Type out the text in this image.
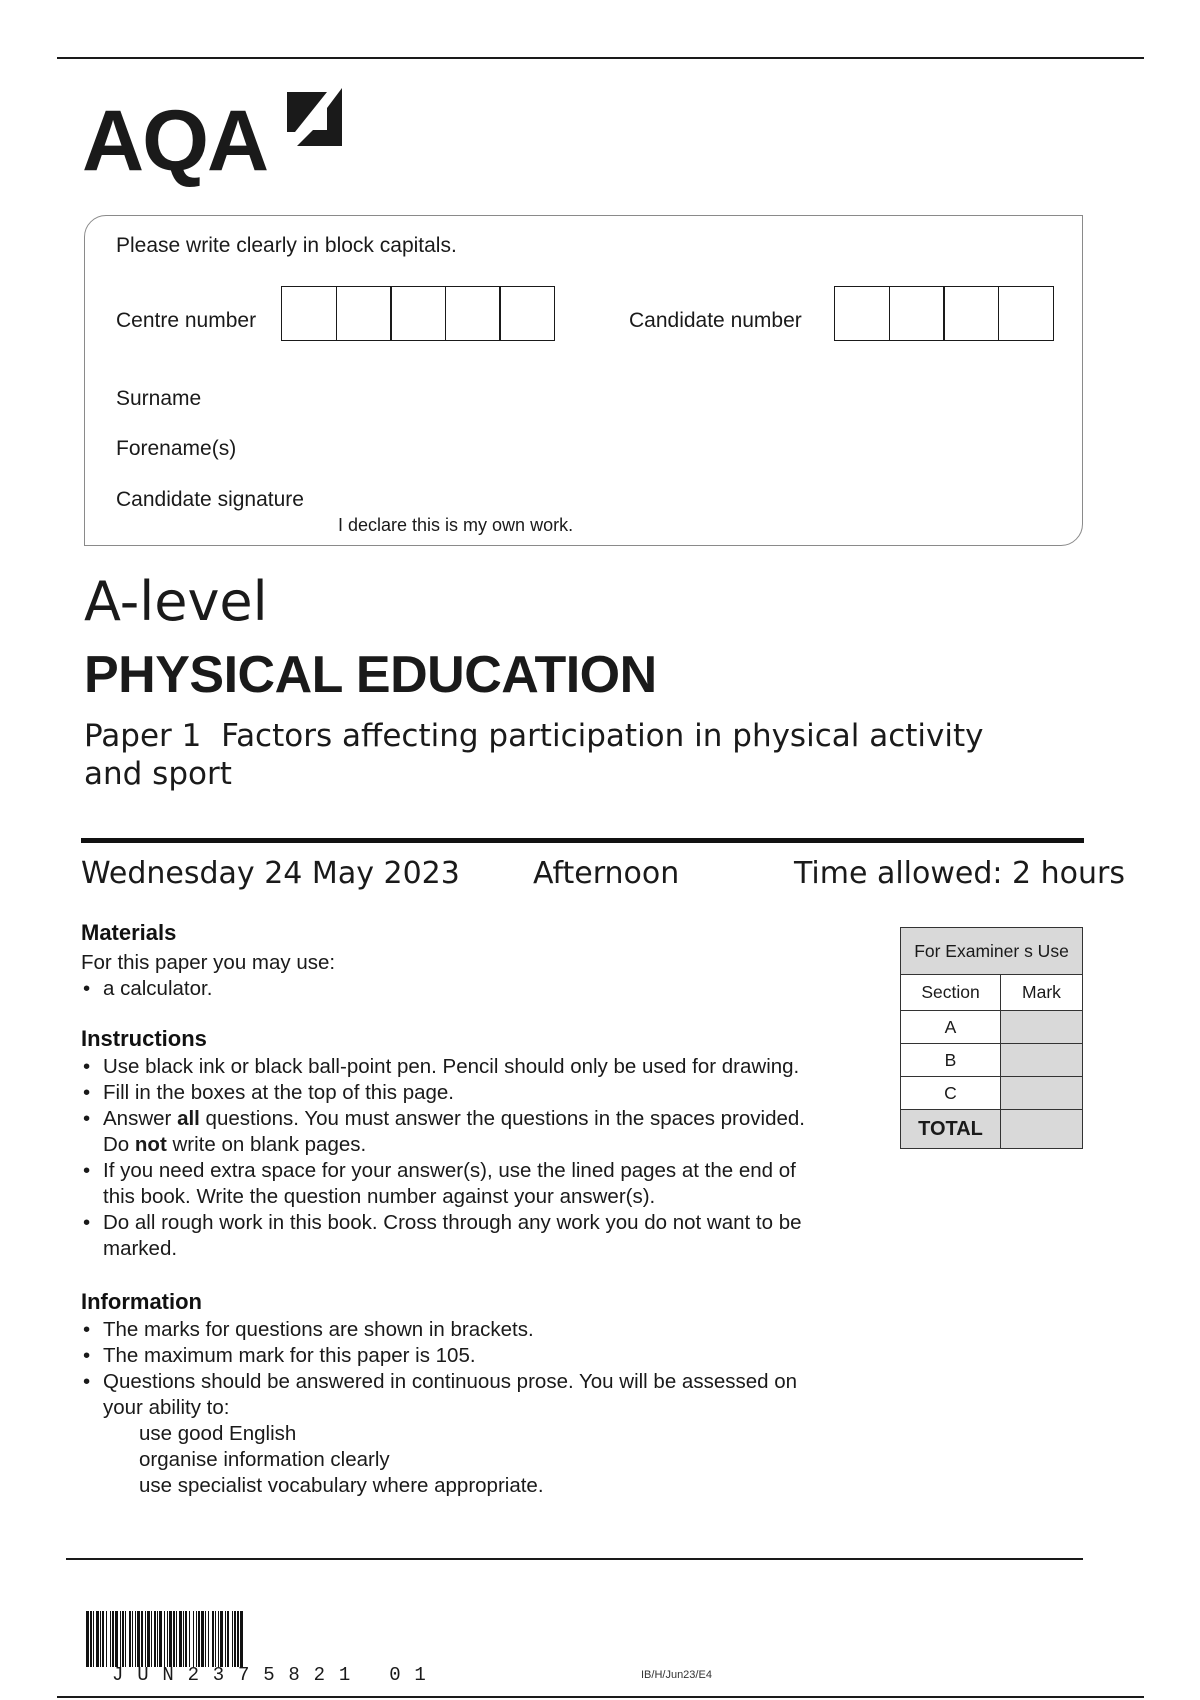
AQA
Please write clearly in block capitals.
Centre number	Candidate number
Surname
Forename(s)
Candidate signature
I declare this is my own work.
A-level
PHYSICAL EDUCATION
Paper 1  Factors affecting participation in physical activity
and sport
Wednesday 24 May 2023 Afternoon	Time allowed: 2 hours
Materials
For this paper you may use:
• a calculator.
Instructions
• Use black ink or black ball-point pen. Pencil should only be used for drawing.
• Fill in the boxes at the top of this page.
• Answer all questions. You must answer the questions in the spaces provided.
Do not write on blank pages.
• If you need extra space for your answer(s), use the lined pages at the end of
this book. Write the question number against your answer(s).
• Do all rough work in this book. Cross through any work you do not want to be
marked.
Information
• The marks for questions are shown in brackets.
• The maximum mark for this paper is 105.
• Questions should be answered in continuous prose. You will be assessed on
your ability to:
use good English
organise information clearly
use specialist vocabulary where appropriate.
For Examiner s Use	
Section	Mark
A	
B	
C	
TOTAL	
JUN2375821 01	IB/H/Jun23/E4
